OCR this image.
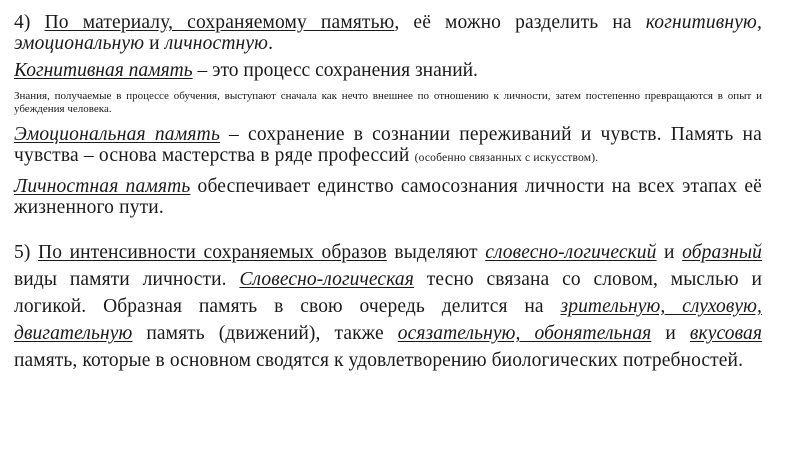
4) По материалу, сохраняемому памятью, её можно разделить на когнитивную, эмоциональную и личностную.

Когнитивная память – это процесс сохранения знаний.

Знания, получаемые в процессе обучения, выступают сначала как нечто внешнее по отношению к личности, затем постепенно превращаются в опыт и убеждения человека.

Эмоциональная память – сохранение в сознании переживаний и чувств. Память на чувства – основа мастерства в ряде профессий (особенно связанных с искусством).

Личностная память обеспечивает единство самосознания личности на всех этапах её жизненного пути.

5) По интенсивности сохраняемых образов выделяют словесно-логический и образный виды памяти личности. Словесно-логическая тесно связана со словом, мыслью и логикой. Образная память в свою очередь делится на зрительную, слуховую, двигательную память (движений), также осязательную, обонятельная и вкусовая память, которые в основном сводятся к удовлетворению биологических потребностей.
